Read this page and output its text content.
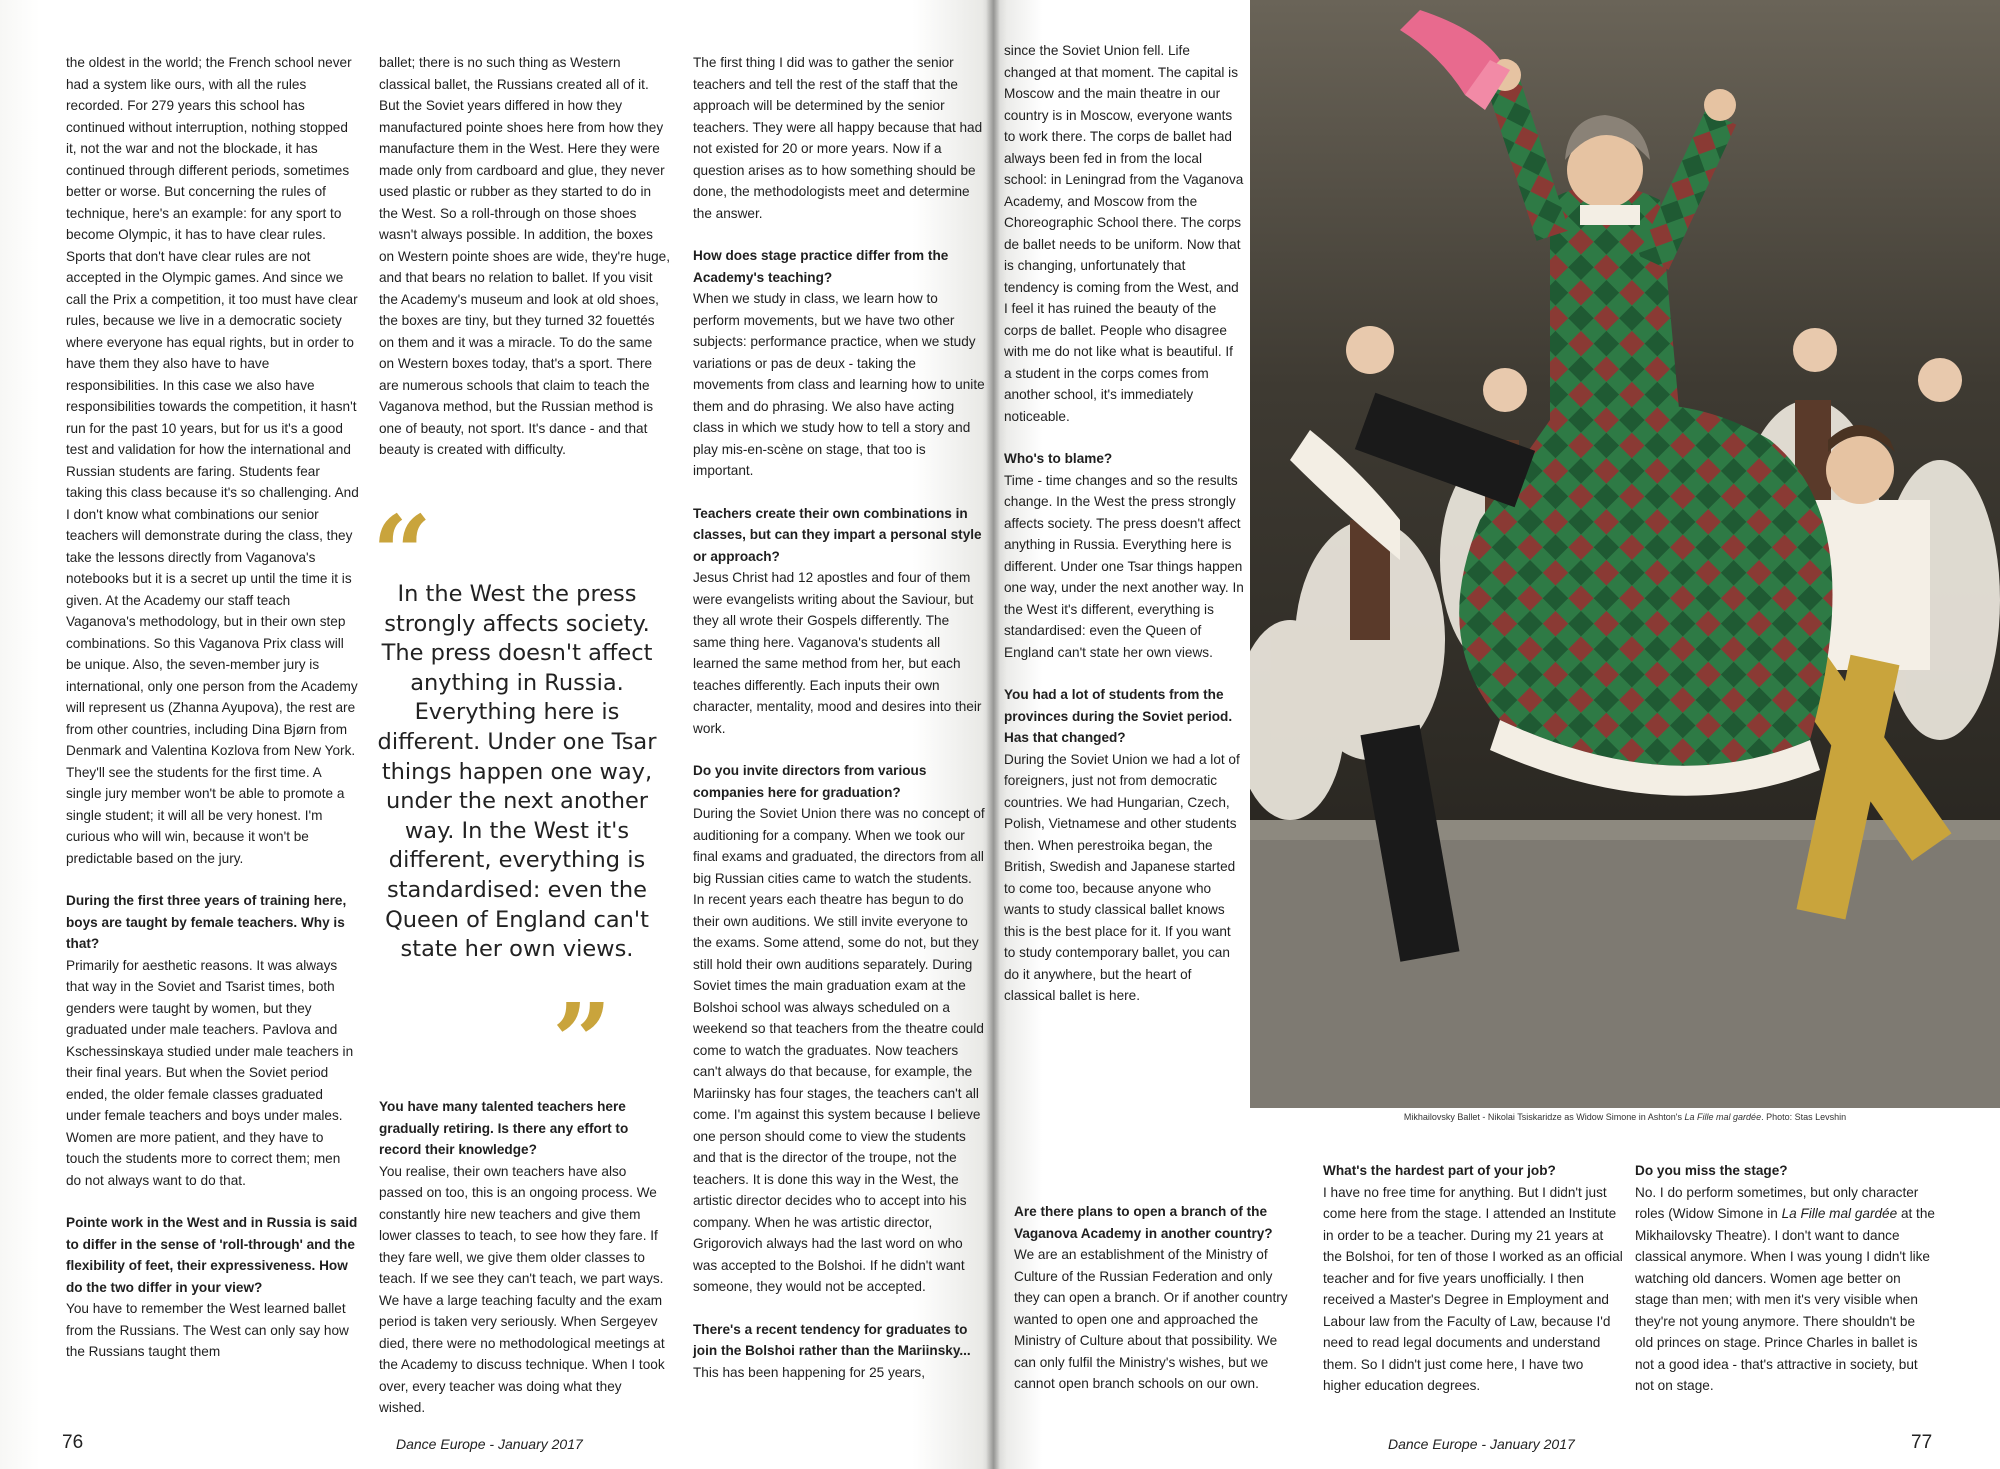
the oldest in the world; the French school never had a system like ours, with all the rules recorded. For 279 years this school has continued without interruption, nothing stopped it, not the war and not the blockade, it has continued through different periods, sometimes better or worse. But concerning the rules of technique, here's an example: for any sport to become Olympic, it has to have clear rules. Sports that don't have clear rules are not accepted in the Olympic games. And since we call the Prix a competition, it too must have clear rules, because we live in a democratic society where everyone has equal rights, but in order to have them they also have to have responsibilities. In this case we also have responsibilities towards the competition, it hasn't run for the past 10 years, but for us it's a good test and validation for how the international and Russian students are faring. Students fear taking this class because it's so challenging. And I don't know what combinations our senior teachers will demonstrate during the class, they take the lessons directly from Vaganova's notebooks but it is a secret up until the time it is given. At the Academy our staff teach Vaganova's methodology, but in their own step combinations. So this Vaganova Prix class will be unique. Also, the seven-member jury is international, only one person from the Academy will represent us (Zhanna Ayupova), the rest are from other countries, including Dina Bjørn from Denmark and Valentina Kozlova from New York. They'll see the students for the first time. A single jury member won't be able to promote a single student; it will all be very honest. I'm curious who will win, because it won't be predictable based on the jury.

During the first three years of training here, boys are taught by female teachers. Why is that?

Primarily for aesthetic reasons. It was always that way in the Soviet and Tsarist times, both genders were taught by women, but they graduated under male teachers. Pavlova and Kschessinskaya studied under male teachers in their final years. But when the Soviet period ended, the older female classes graduated under female teachers and boys under males. Women are more patient, and they have to touch the students more to correct them; men do not always want to do that.

Pointe work in the West and in Russia is said to differ in the sense of 'roll-through' and the flexibility of feet, their expressiveness. How do the two differ in your view?

You have to remember the West learned ballet from the Russians. The West can only say how the Russians taught them

ballet; there is no such thing as Western classical ballet, the Russians created all of it. But the Soviet years differed in how they manufactured pointe shoes here from how they manufacture them in the West. Here they were made only from cardboard and glue, they never used plastic or rubber as they started to do in the West. So a roll-through on those shoes wasn't always possible. In addition, the boxes on Western pointe shoes are wide, they're huge, and that bears no relation to ballet. If you visit the Academy's museum and look at old shoes, the boxes are tiny, but they turned 32 fouettés on them and it was a miracle. To do the same on Western boxes today, that's a sport. There are numerous schools that claim to teach the Vaganova method, but the Russian method is one of beauty, not sport. It's dance - and that beauty is created with difficulty.

“
In the West the press strongly affects society. The press doesn't affect anything in Russia. Everything here is different. Under one Tsar things happen one way, under the next another way. In the West it's different, everything is standardised: even the Queen of England can't state her own views.
”

You have many talented teachers here gradually retiring. Is there any effort to record their knowledge?

You realise, their own teachers have also passed on too, this is an ongoing process. We constantly hire new teachers and give them lower classes to teach, to see how they fare. If they fare well, we give them older classes to teach. If we see they can't teach, we part ways. We have a large teaching faculty and the exam period is taken very seriously. When Sergeyev died, there were no methodological meetings at the Academy to discuss technique. When I took over, every teacher was doing what they wished.

The first thing I did was to gather the senior teachers and tell the rest of the staff that the approach will be determined by the senior teachers. They were all happy because that had not existed for 20 or more years. Now if a question arises as to how something should be done, the methodologists meet and determine the answer.

How does stage practice differ from the Academy's teaching?

When we study in class, we learn how to perform movements, but we have two other subjects: performance practice, when we study variations or pas de deux - taking the movements from class and learning how to unite them and do phrasing. We also have acting class in which we study how to tell a story and play mis-en-scène on stage, that too is important.

Teachers create their own combinations in classes, but can they impart a personal style or approach?

Jesus Christ had 12 apostles and four of them were evangelists writing about the Saviour, but they all wrote their Gospels differently. The same thing here. Vaganova's students all learned the same method from her, but each teaches differently. Each inputs their own character, mentality, mood and desires into their work.

Do you invite directors from various companies here for graduation?

During the Soviet Union there was no concept of auditioning for a company. When we took our final exams and graduated, the directors from all big Russian cities came to watch the students. In recent years each theatre has begun to do their own auditions. We still invite everyone to the exams. Some attend, some do not, but they still hold their own auditions separately. During Soviet times the main graduation exam at the Bolshoi school was always scheduled on a weekend so that teachers from the theatre could come to watch the graduates. Now teachers can't always do that because, for example, the Mariinsky has four stages, the teachers can't all come. I'm against this system because I believe one person should come to view the students and that is the director of the troupe, not the teachers. It is done this way in the West, the artistic director decides who to accept into his company. When he was artistic director, Grigorovich always had the last word on who was accepted to the Bolshoi. If he didn't want someone, they would not be accepted.

There's a recent tendency for graduates to join the Bolshoi rather than the Mariinsky...

This has been happening for 25 years,

since the Soviet Union fell. Life changed at that moment. The capital is Moscow and the main theatre in our country is in Moscow, everyone wants to work there. The corps de ballet had always been fed in from the local school: in Leningrad from the Vaganova Academy, and Moscow from the Choreographic School there. The corps de ballet needs to be uniform. Now that is changing, unfortunately that tendency is coming from the West, and I feel it has ruined the beauty of the corps de ballet. People who disagree with me do not like what is beautiful. If a student in the corps comes from another school, it's immediately noticeable.

Who's to blame?

Time - time changes and so the results change. In the West the press strongly affects society. The press doesn't affect anything in Russia. Everything here is different. Under one Tsar things happen one way, under the next another way. In the West it's different, everything is standardised: even the Queen of England can't state her own views.

You had a lot of students from the provinces during the Soviet period. Has that changed?

During the Soviet Union we had a lot of foreigners, just not from democratic countries. We had Hungarian, Czech, Polish, Vietnamese and other students then. When perestroika began, the British, Swedish and Japanese started to come too, because anyone who wants to study classical ballet knows this is the best place for it. If you want to study contemporary ballet, you can do it anywhere, but the heart of classical ballet is here.

Are there plans to open a branch of the Vaganova Academy in another country?

We are an establishment of the Ministry of Culture of the Russian Federation and only they can open a branch. Or if another country wanted to open one and approached the Ministry of Culture about that possibility. We can only fulfil the Ministry's wishes, but we cannot open branch schools on our own.

Mikhailovsky Ballet - Nikolai Tsiskaridze as Widow Simone in Ashton's La Fille mal gardée. Photo: Stas Levshin

What's the hardest part of your job?

I have no free time for anything. But I didn't just come here from the stage. I attended an Institute in order to be a teacher. During my 21 years at the Bolshoi, for ten of those I worked as an official teacher and for five years unofficially. I then received a Master's Degree in Employment and Labour law from the Faculty of Law, because I'd need to read legal documents and understand them. So I didn't just come here, I have two higher education degrees.

Do you miss the stage?

No. I do perform sometimes, but only character roles (Widow Simone in La Fille mal gardée at the Mikhailovsky Theatre). I don't want to dance classical anymore. When I was young I didn't like watching old dancers. Women age better on stage than men; with men it's very visible when they're not young anymore. There shouldn't be old princes on stage. Prince Charles in ballet is not a good idea - that's attractive in society, but not on stage.

76	Dance Europe - January 2017	Dance Europe - January 2017	77
